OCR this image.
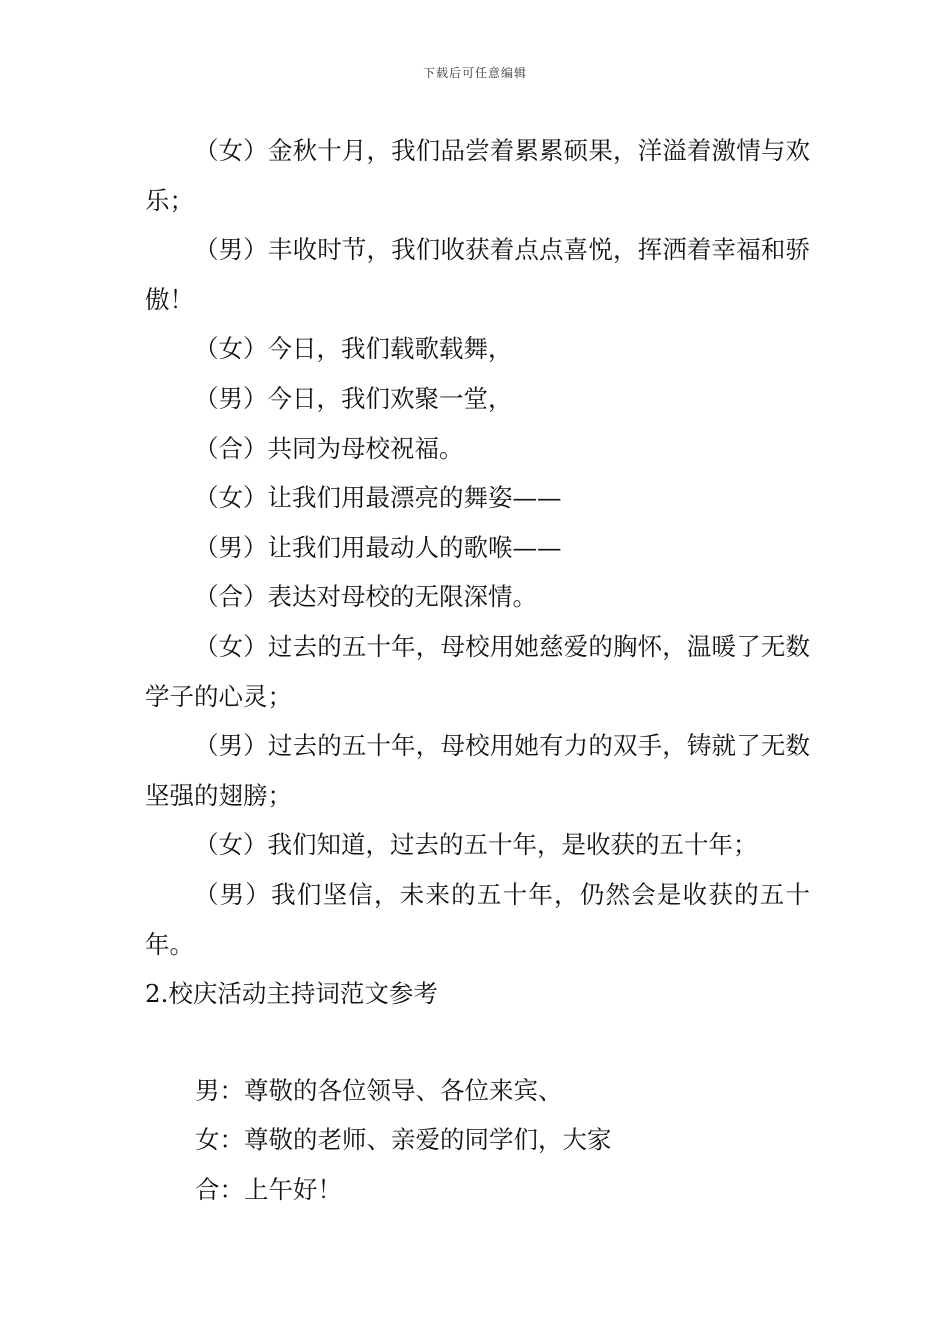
下载后可任意编辑

（女）金秋十月，我们品尝着累累硕果，洋溢着激情与欢乐；

（男）丰收时节，我们收获着点点喜悦，挥洒着幸福和骄傲！

（女）今日，我们载歌载舞，

（男）今日，我们欢聚一堂，

（合）共同为母校祝福。

（女）让我们用最漂亮的舞姿——

（男）让我们用最动人的歌喉——

（合）表达对母校的无限深情。

（女）过去的五十年，母校用她慈爱的胸怀，温暖了无数学子的心灵；

（男）过去的五十年，母校用她有力的双手，铸就了无数坚强的翅膀；

（女）我们知道，过去的五十年，是收获的五十年；

（男）我们坚信，未来的五十年，仍然会是收获的五十年。

2.校庆活动主持词范文参考

男：尊敬的各位领导、各位来宾、

女：尊敬的老师、亲爱的同学们，大家

合：上午好！
